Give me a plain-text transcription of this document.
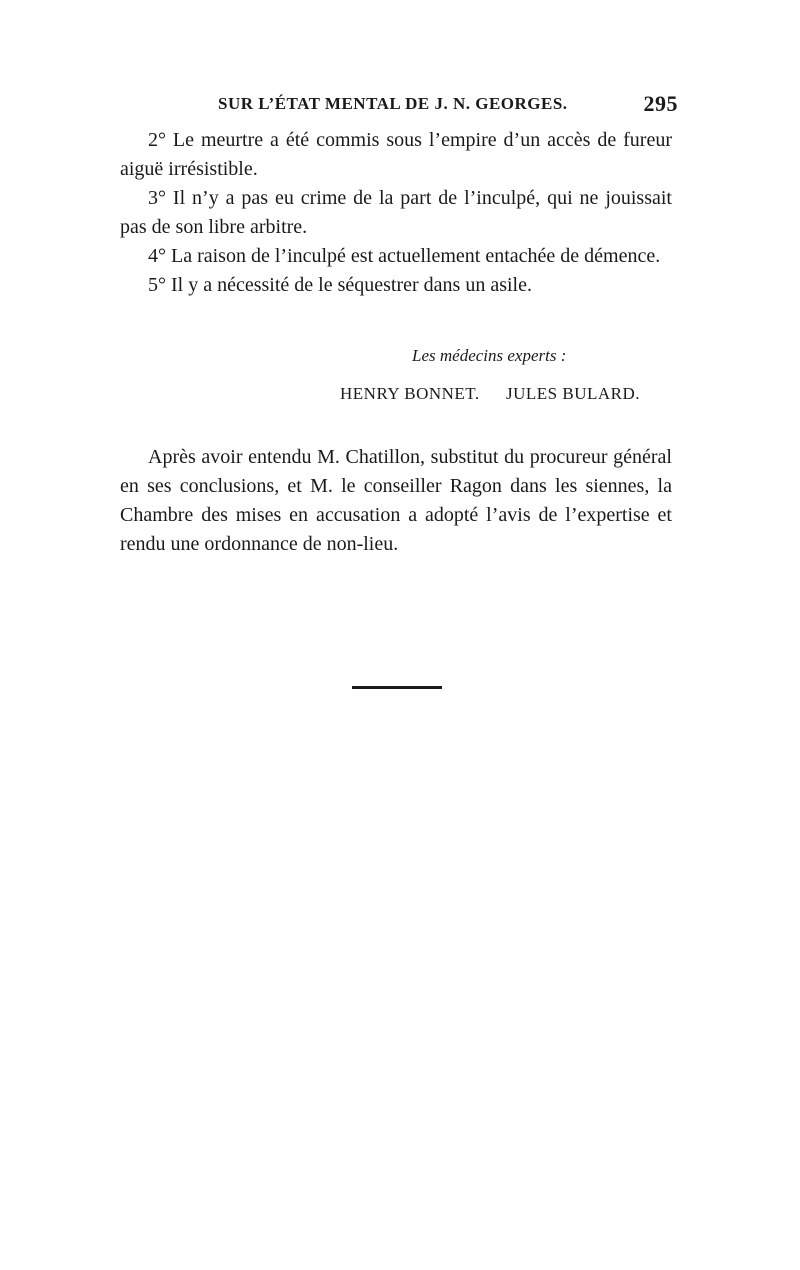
SUR L’ÉTAT MENTAL DE J. N. GEORGES.	295

2° Le meurtre a été commis sous l’empire d’un accès de fureur aiguë irrésistible.

3° Il n’y a pas eu crime de la part de l’inculpé, qui ne jouissait pas de son libre arbitre.

4° La raison de l’inculpé est actuellement entachée de démence.

5° Il y a nécessité de le séquestrer dans un asile.

Les médecins experts :
HENRY BONNET. JULES BULARD.

Après avoir entendu M. Chatillon, substitut du procureur général en ses conclusions, et M. le conseiller Ragon dans les siennes, la Chambre des mises en accusation a adopté l’avis de l’expertise et rendu une ordonnance de non-lieu.
